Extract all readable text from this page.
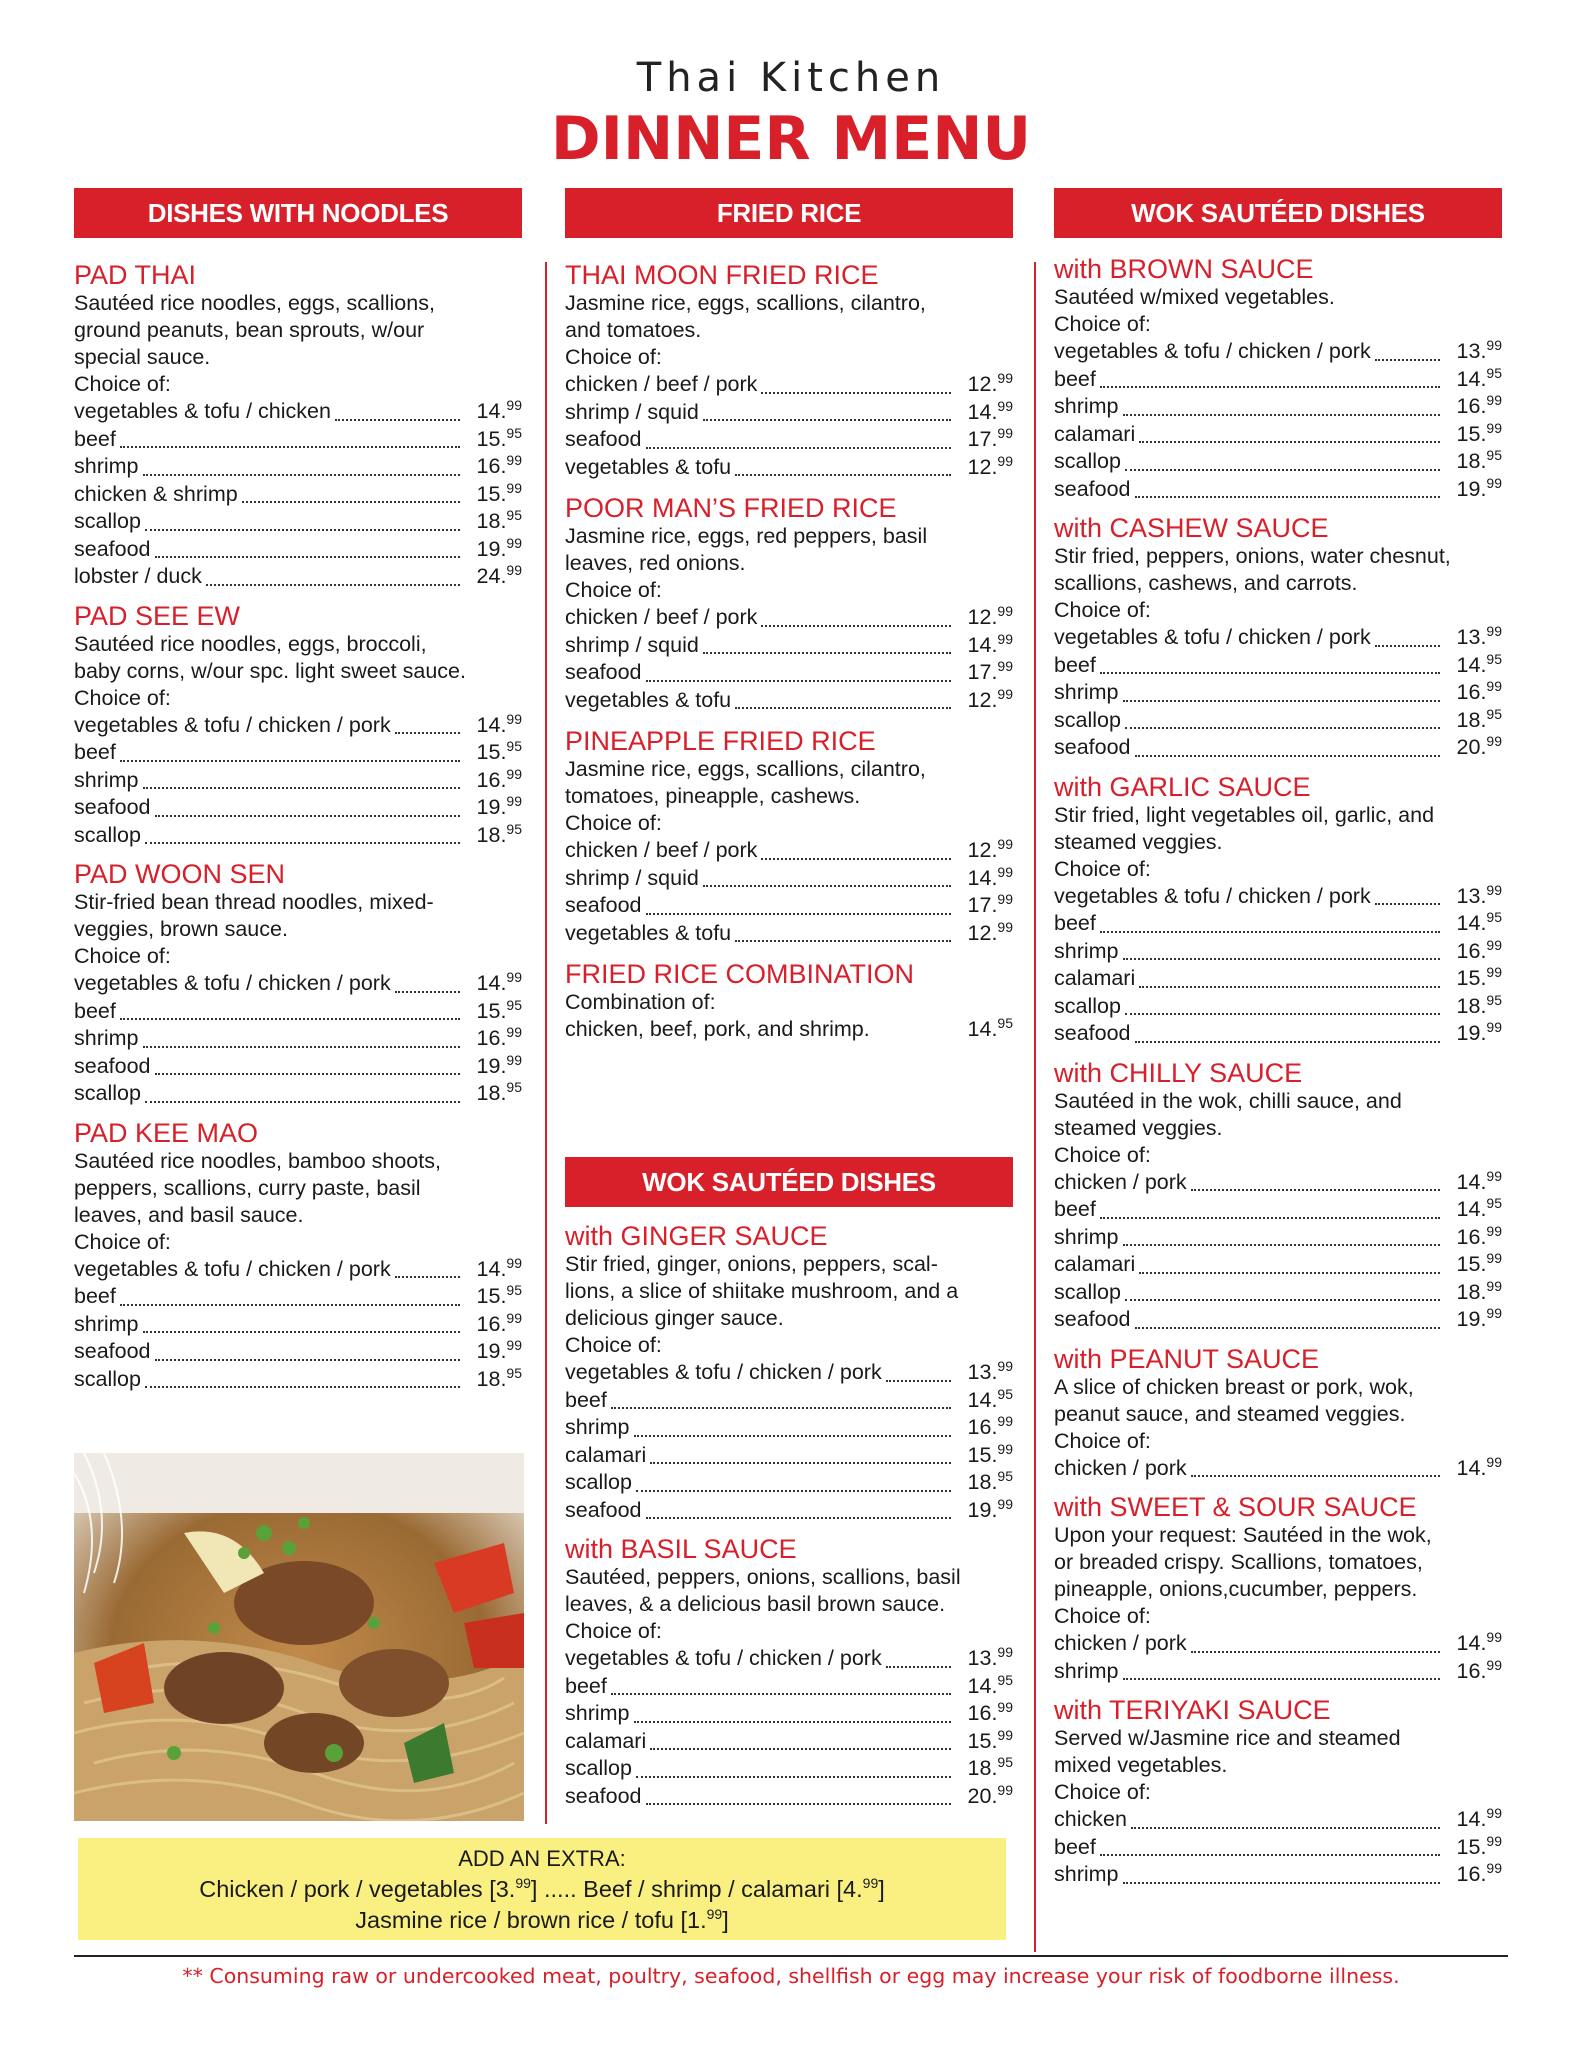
Thai Kitchen
DINNER MENU
DISHES WITH NOODLES
PAD THAI
Sautéed rice noodles, eggs, scallions,
ground peanuts, bean sprouts, w/our
special sauce.
Choice of:
vegetables & tofu / chicken	14.99
beef	15.95
shrimp	16.99
chicken & shrimp	15.99
scallop	18.95
seafood	19.99
lobster / duck	24.99
PAD SEE EW
Sautéed rice noodles, eggs, broccoli,
baby corns, w/our spc. light sweet sauce.
Choice of:
vegetables & tofu / chicken / pork	14.99
beef	15.95
shrimp	16.99
seafood	19.99
scallop	18.95
PAD WOON SEN
Stir-fried bean thread noodles, mixed-
veggies, brown sauce.
Choice of:
vegetables & tofu / chicken / pork	14.99
beef	15.95
shrimp	16.99
seafood	19.99
scallop	18.95
PAD KEE MAO
Sautéed rice noodles, bamboo shoots,
peppers, scallions, curry paste, basil
leaves, and basil sauce.
Choice of:
vegetables & tofu / chicken / pork	14.99
beef	15.95
shrimp	16.99
seafood	19.99
scallop	18.95
FRIED RICE
THAI MOON FRIED RICE
Jasmine rice, eggs, scallions, cilantro,
and tomatoes.
Choice of:
chicken / beef / pork	12.99
shrimp / squid	14.99
seafood	17.99
vegetables & tofu	12.99
POOR MAN’S FRIED RICE
Jasmine rice, eggs, red peppers, basil
leaves, red onions.
Choice of:
chicken / beef / pork	12.99
shrimp / squid	14.99
seafood	17.99
vegetables & tofu	12.99
PINEAPPLE FRIED RICE
Jasmine rice, eggs, scallions, cilantro,
tomatoes, pineapple, cashews.
Choice of:
chicken / beef / pork	12.99
shrimp / squid	14.99
seafood	17.99
vegetables & tofu	12.99
FRIED RICE COMBINATION
Combination of:
chicken, beef, pork, and shrimp.	14.95
WOK SAUTÉED DISHES
with GINGER SAUCE
Stir fried, ginger, onions, peppers, scal-
lions, a slice of shiitake mushroom, and a
delicious ginger sauce.
Choice of:
vegetables & tofu / chicken / pork	13.99
beef	14.95
shrimp	16.99
calamari	15.99
scallop	18.95
seafood	19.99
with BASIL SAUCE
Sautéed, peppers, onions, scallions, basil
leaves, & a delicious basil brown sauce.
Choice of:
vegetables & tofu / chicken / pork	13.99
beef	14.95
shrimp	16.99
calamari	15.99
scallop	18.95
seafood	20.99
WOK SAUTÉED DISHES
with BROWN SAUCE
Sautéed w/mixed vegetables.
Choice of:
vegetables & tofu / chicken / pork	13.99
beef	14.95
shrimp	16.99
calamari	15.99
scallop	18.95
seafood	19.99
with CASHEW SAUCE
Stir fried, peppers, onions, water chesnut,
scallions, cashews, and carrots.
Choice of:
vegetables & tofu / chicken / pork	13.99
beef	14.95
shrimp	16.99
scallop	18.95
seafood	20.99
with GARLIC SAUCE
Stir fried, light vegetables oil, garlic, and
steamed veggies.
Choice of:
vegetables & tofu / chicken / pork	13.99
beef	14.95
shrimp	16.99
calamari	15.99
scallop	18.95
seafood	19.99
with CHILLY SAUCE
Sautéed in the wok, chilli sauce, and
steamed veggies.
Choice of:
chicken / pork	14.99
beef	14.95
shrimp	16.99
calamari	15.99
scallop	18.99
seafood	19.99
with PEANUT SAUCE
A slice of chicken breast or pork, wok,
peanut sauce, and steamed veggies.
Choice of:
chicken / pork	14.99
with SWEET & SOUR SAUCE
Upon your request: Sautéed in the wok,
or breaded crispy. Scallions, tomatoes,
pineapple, onions,cucumber, peppers.
Choice of:
chicken / pork	14.99
shrimp	16.99
with TERIYAKI SAUCE
Served w/Jasmine rice and steamed
mixed vegetables.
Choice of:
chicken	14.99
beef	15.99
shrimp	16.99
ADD AN EXTRA:
Chicken / pork / vegetables [3.99] ..... Beef / shrimp / calamari [4.99]
Jasmine rice / brown rice / tofu [1.99]
** Consuming raw or undercooked meat, poultry, seafood, shellfish or egg may increase your risk of foodborne illness.
